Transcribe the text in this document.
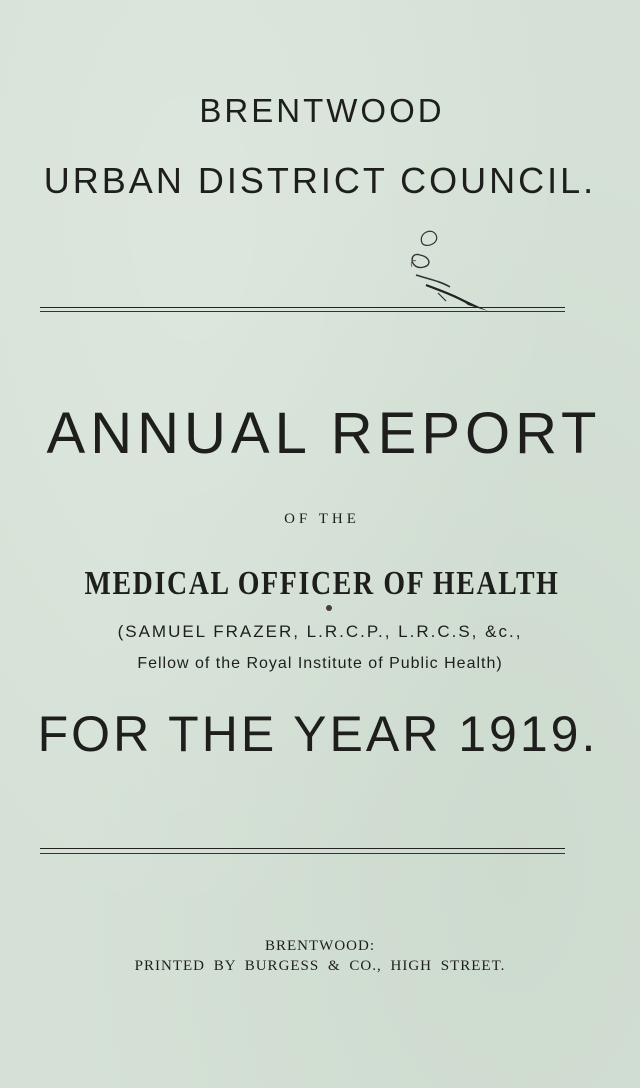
BRENTWOOD
URBAN DISTRICT COUNCIL.
ANNUAL REPORT
OF THE
MEDICAL OFFICER OF HEALTH
(SAMUEL FRAZER, L.R.C.P., L.R.C.S, &c.,
Fellow of the Royal Institute of Public Health)
FOR THE YEAR 1919.
BRENTWOOD:
PRINTED BY BURGESS & CO., HIGH STREET.
